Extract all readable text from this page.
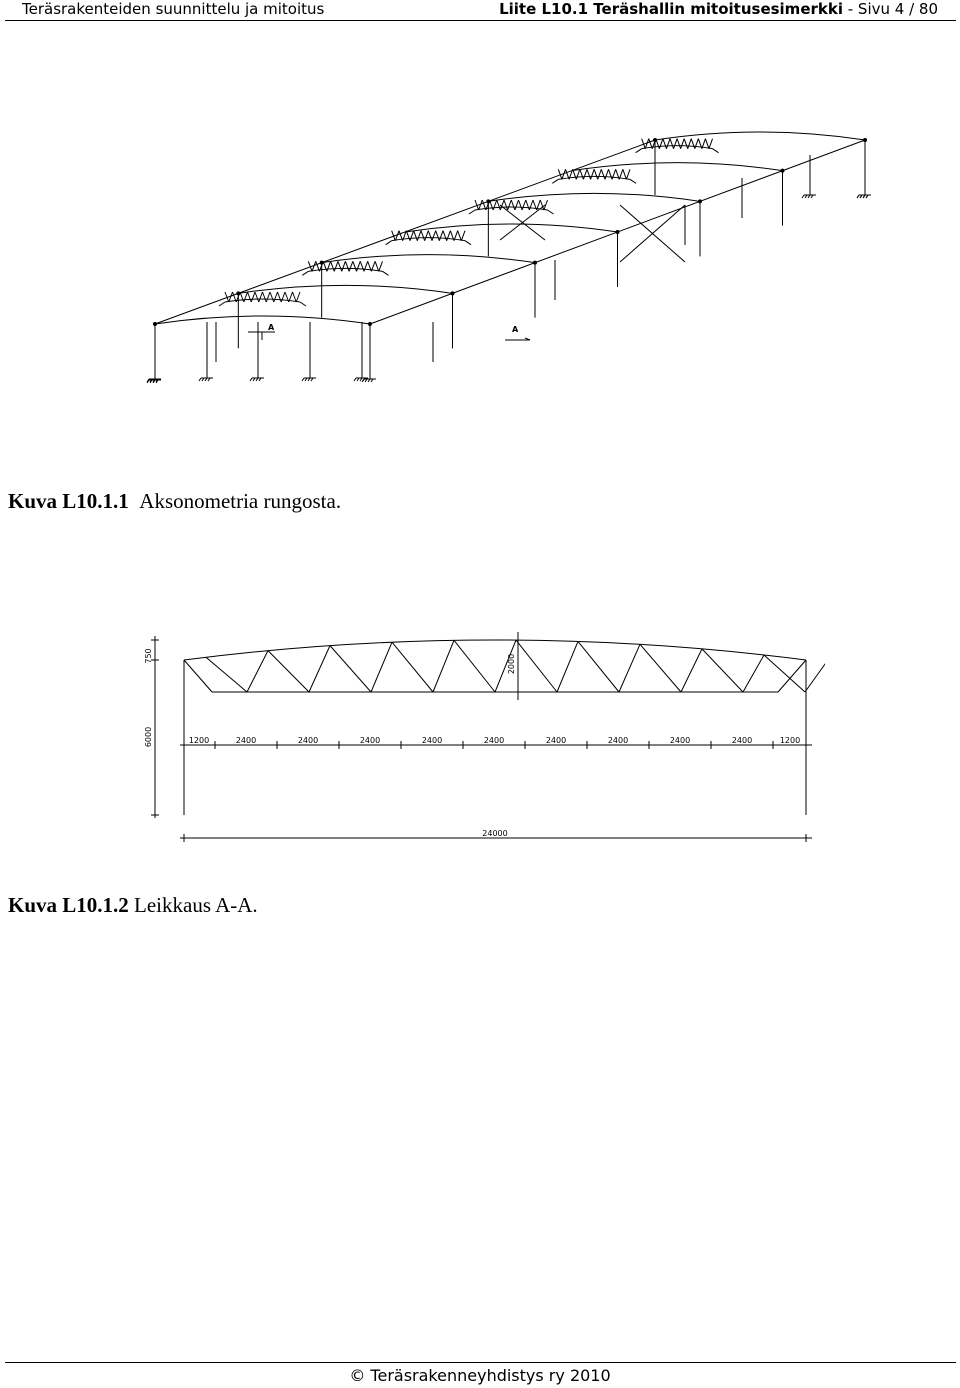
Teräsrakenteiden suunnittelu ja mitoitus	Liite L10.1 Teräshallin mitoitusesimerkki - Sivu 4 / 80
A	A
Kuva L10.1.1 Aksonometria rungosta.
750
6000
2000
24000
1200	2400	2400	2400	2400	2400	2400	2400	2400	2400	1200
Kuva L10.1.2 Leikkaus A-A.
© Teräsrakenneyhdistys ry 2010
